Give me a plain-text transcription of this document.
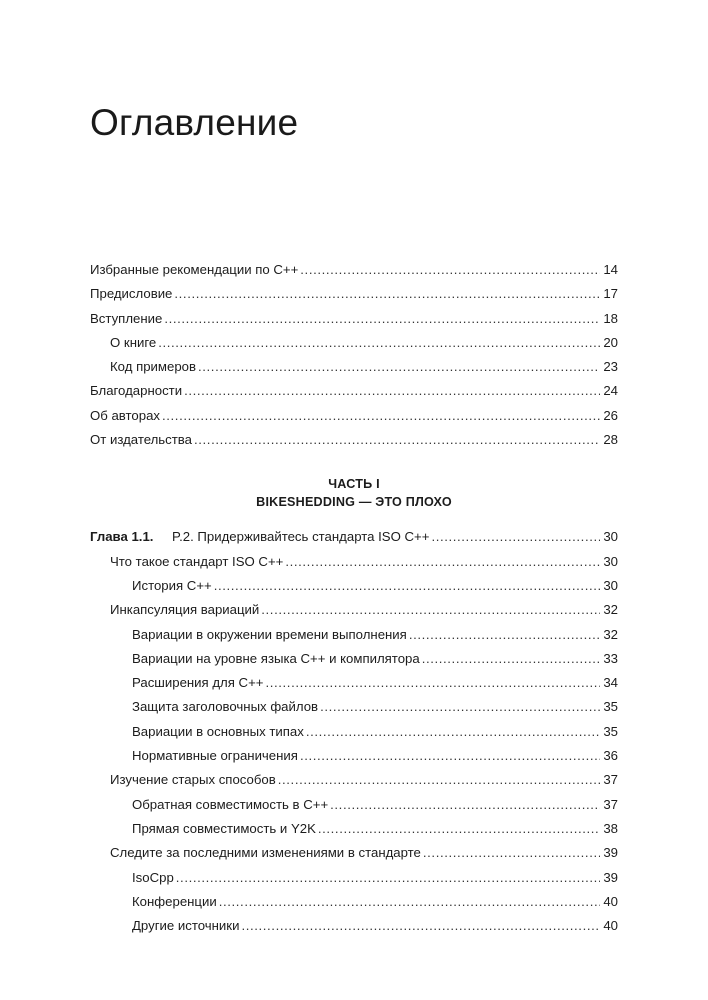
Оглавление
Избранные рекомендации по C++ .....	14
Предисловие .....	17
Вступление .....	18
О книге .....	20
Код примеров .....	23
Благодарности .....	24
Об авторах .....	26
От издательства .....	28
ЧАСТЬ I
BIKESHEDDING — ЭТО ПЛОХО
Глава 1.1.	P.2. Придерживайтесь стандарта ISO C++ .....	30
Что такое стандарт ISO C++ .....	30
История C++ .....	30
Инкапсуляция вариаций .....	32
Вариации в окружении времени выполнения .....	32
Вариации на уровне языка C++ и компилятора .....	33
Расширения для C++ .....	34
Защита заголовочных файлов .....	35
Вариации в основных типах .....	35
Нормативные ограничения .....	36
Изучение старых способов .....	37
Обратная совместимость в C++ .....	37
Прямая совместимость и Y2K .....	38
Следите за последними изменениями в стандарте .....	39
IsoCpp .....	39
Конференции .....	40
Другие источники .....	40
